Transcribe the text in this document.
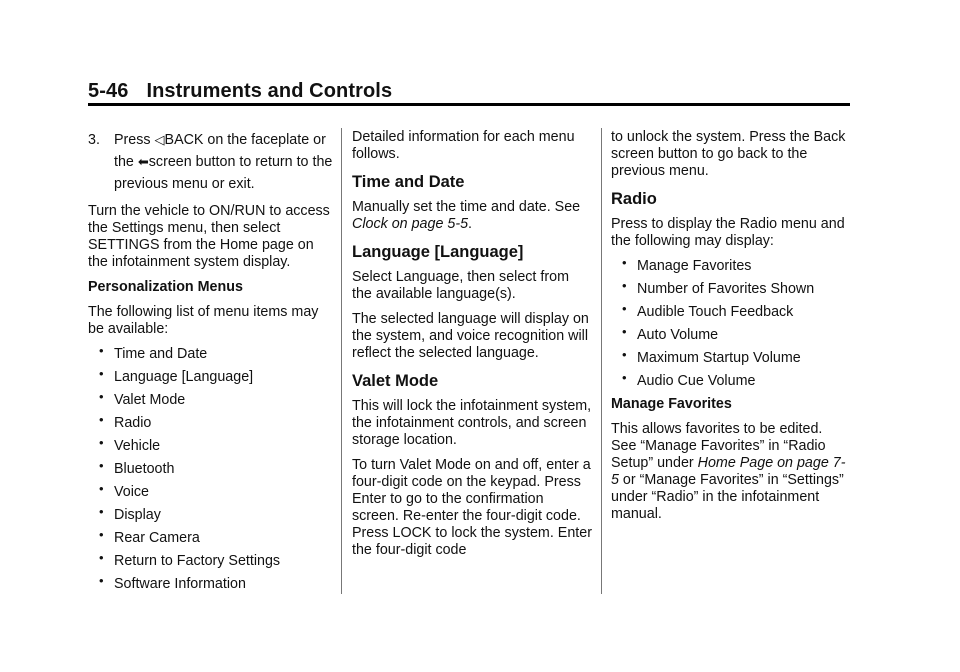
5-46 Instruments and Controls
3. Press ◁BACK on the faceplate or the ⬅screen button to return to the previous menu or exit.

Turn the vehicle to ON/RUN to access the Settings menu, then select SETTINGS from the Home page on the infotainment system display.

Personalization Menus

The following list of menu items may be available:

• Time and Date
• Language [Language]
• Valet Mode
• Radio
• Vehicle
• Bluetooth
• Voice
• Display
• Rear Camera
• Return to Factory Settings
• Software Information

Detailed information for each menu follows.

Time and Date

Manually set the time and date. See Clock on page 5-5.

Language [Language]

Select Language, then select from the available language(s).

The selected language will display on the system, and voice recognition will reflect the selected language.

Valet Mode

This will lock the infotainment system, the infotainment controls, and screen storage location.

To turn Valet Mode on and off, enter a four-digit code on the keypad. Press Enter to go to the confirmation screen. Re-enter the four-digit code. Press LOCK to lock the system. Enter the four-digit code

to unlock the system. Press the Back screen button to go back to the previous menu.

Radio

Press to display the Radio menu and the following may display:

• Manage Favorites
• Number of Favorites Shown
• Audible Touch Feedback
• Auto Volume
• Maximum Startup Volume
• Audio Cue Volume

Manage Favorites

This allows favorites to be edited. See “Manage Favorites” in “Radio Setup” under Home Page on page 7-5 or “Manage Favorites” in “Settings” under “Radio” in the infotainment manual.
